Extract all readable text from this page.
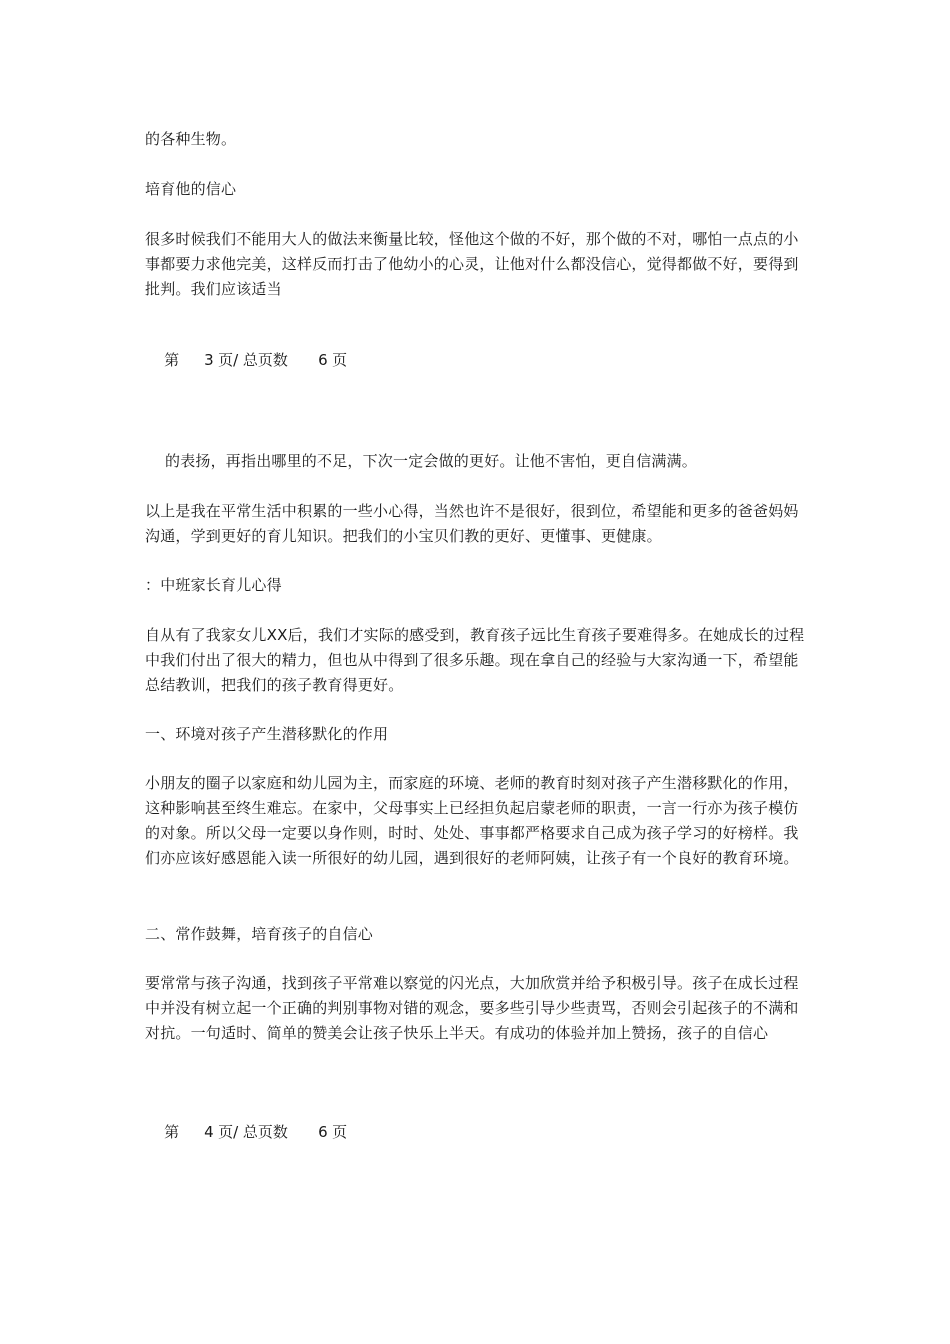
的各种生物。

培育他的信心

很多时候我们不能用大人的做法来衡量比较，怪他这个做的不好，那个做的不对，哪怕一点点的小事都要力求他完美，这样反而打击了他幼小的心灵，让他对什么都没信心，觉得都做不好，要得到批判。我们应该适当

第 3 页/ 总页数 6 页

的表扬，再指出哪里的不足，下次一定会做的更好。让他不害怕，更自信满满。

以上是我在平常生活中积累的一些小心得，当然也许不是很好，很到位，希望能和更多的爸爸妈妈沟通，学到更好的育儿知识。把我们的小宝贝们教的更好、更懂事、更健康。

：中班家长育儿心得

自从有了我家女儿XX后，我们才实际的感受到，教育孩子远比生育孩子要难得多。在她成长的过程中我们付出了很大的精力，但也从中得到了很多乐趣。现在拿自己的经验与大家沟通一下，希望能总结教训，把我们的孩子教育得更好。

一、环境对孩子产生潜移默化的作用

小朋友的圈子以家庭和幼儿园为主，而家庭的环境、老师的教育时刻对孩子产生潜移默化的作用，这种影响甚至终生难忘。在家中，父母事实上已经担负起启蒙老师的职责，一言一行亦为孩子模仿的对象。所以父母一定要以身作则，时时、处处、事事都严格要求自己成为孩子学习的好榜样。我们亦应该好感恩能入读一所很好的幼儿园，遇到很好的老师阿姨，让孩子有一个良好的教育环境。

二、常作鼓舞，培育孩子的自信心

要常常与孩子沟通，找到孩子平常难以察觉的闪光点，大加欣赏并给予积极引导。孩子在成长过程中并没有树立起一个正确的判别事物对错的观念，要多些引导少些责骂，否则会引起孩子的不满和对抗。一句适时、简单的赞美会让孩子快乐上半天。有成功的体验并加上赞扬，孩子的自信心

第 4 页/ 总页数 6 页
